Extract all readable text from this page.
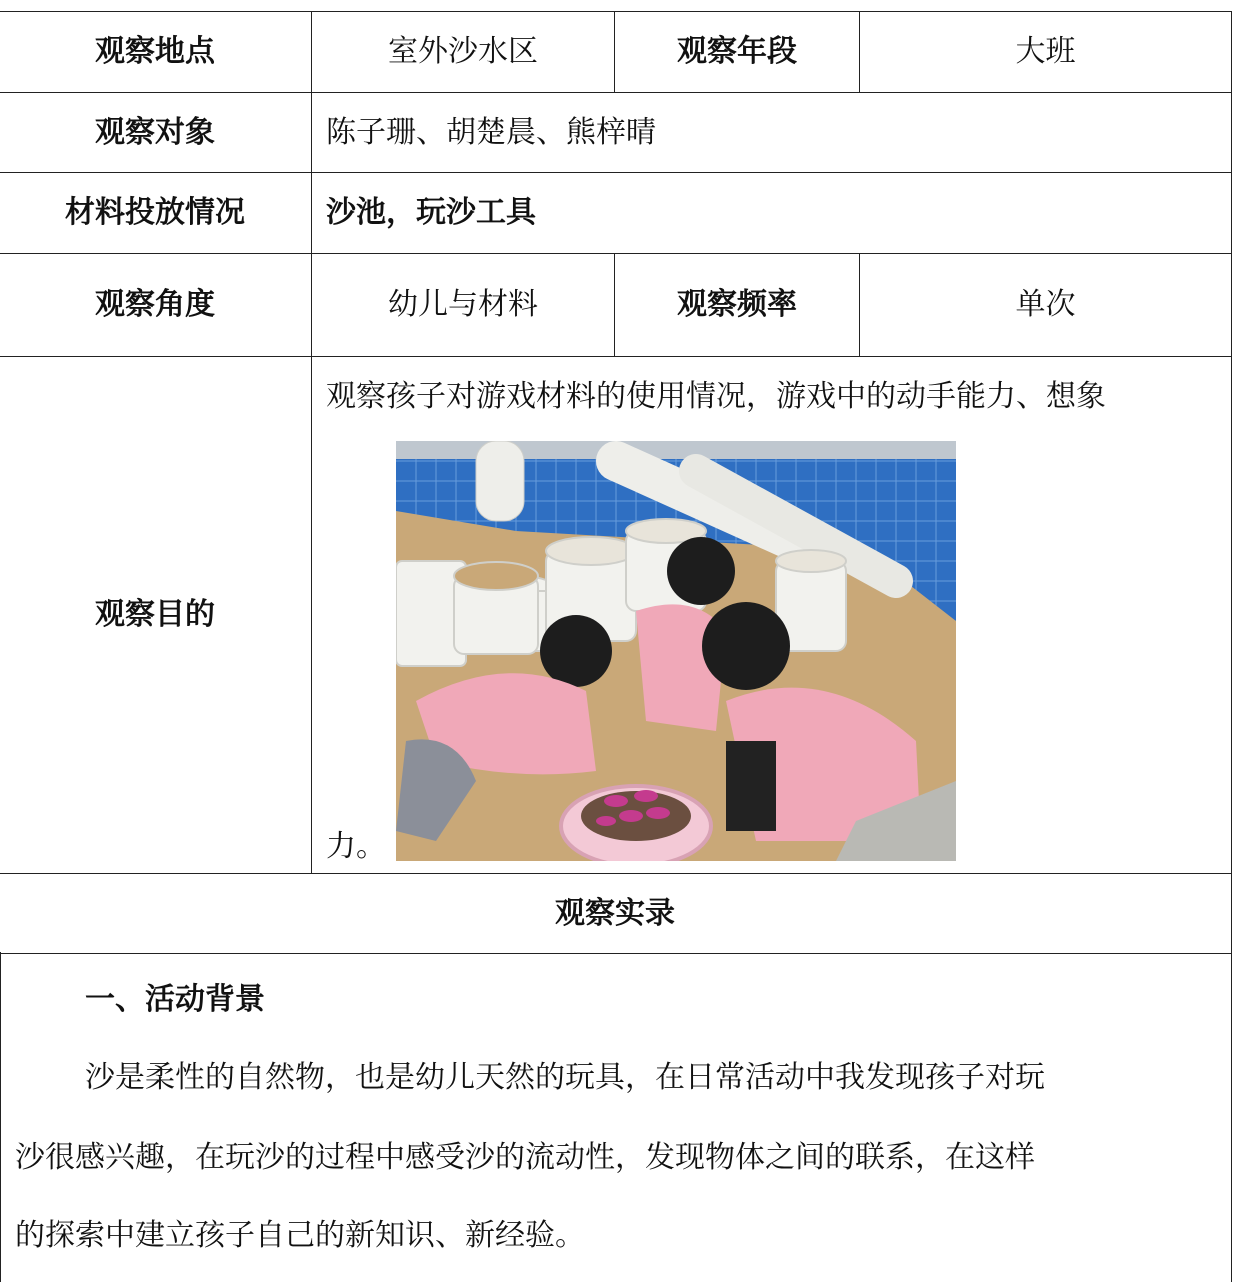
观察地点	室外沙水区	观察年段	大班
观察对象	陈子珊、胡楚晨、熊梓晴		
材料投放情况	沙池，玩沙工具		
观察角度	幼儿与材料	观察频率	单次
观察目的	观察孩子对游戏材料的使用情况，游戏中的动手能力、想象
力。		

观察实录			
一、活动背景
沙是柔性的自然物，也是幼儿天然的玩具，在日常活动中我发现孩子对玩
沙很感兴趣，在玩沙的过程中感受沙的流动性，发现物体之间的联系，在这样
的探索中建立孩子自己的新知识、新经验。
